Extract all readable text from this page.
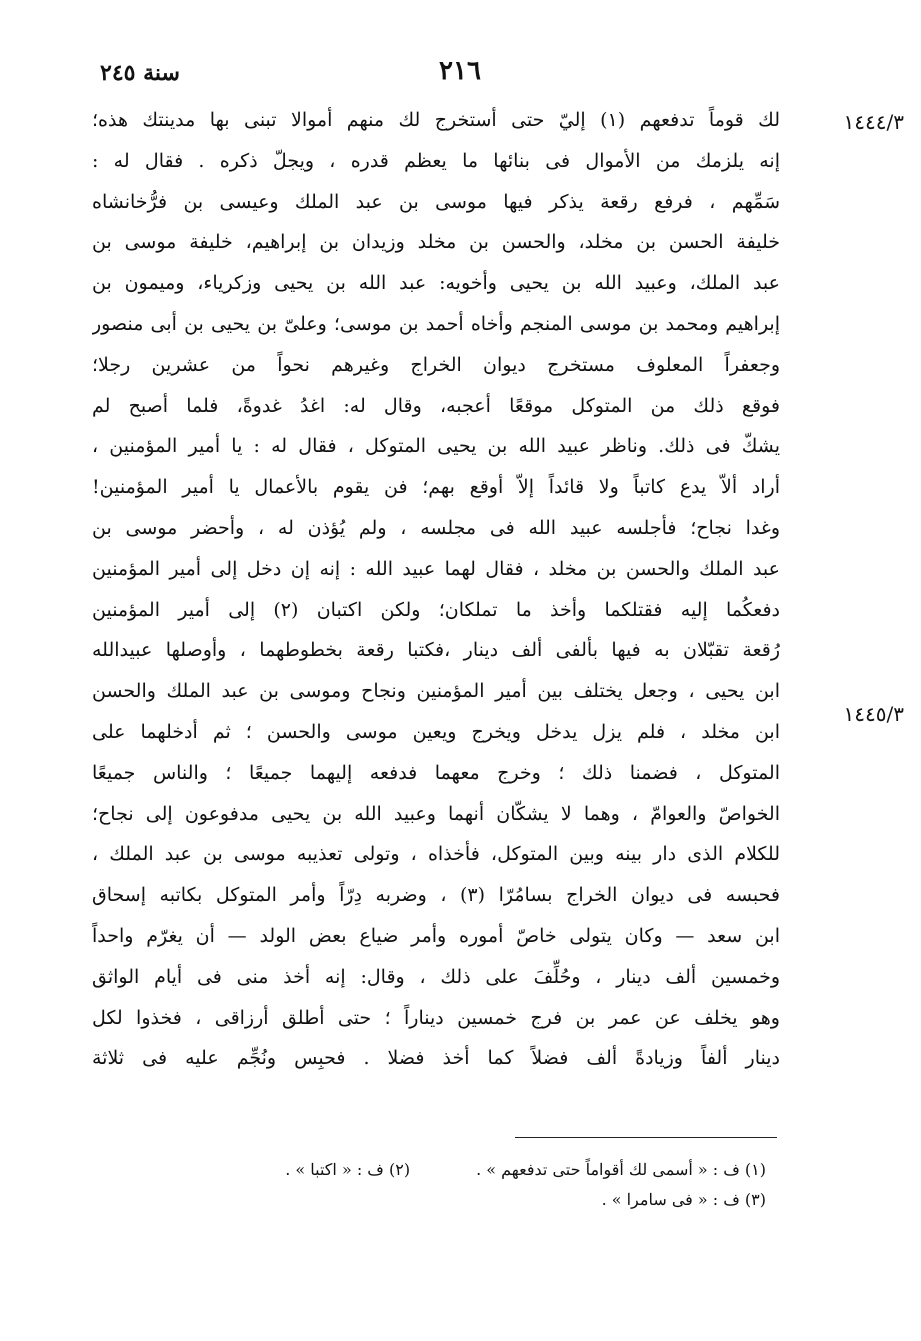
٢١٦
سنة ٢٤٥
١٤٤٤/٣
١٤٤٥/٣
لك قوماً تدفعهم (١) إليّ حتى أستخرج لك منهم أموالا تبنى بها مدينتك هذه؛
إنه يلزمك من الأموال فى بنائها ما يعظم قدره ، ويجلّ ذكره . فقال له :
سَمِّهم ، فرفع رقعة يذكر فيها موسى بن عبد الملك وعيسى بن فرُّخانشاه
خليفة الحسن بن مخلد، والحسن بن مخلد وزيدان بن إبراهيم، خليفة موسى بن
عبد الملك، وعبيد الله بن يحيى وأخويه: عبد الله بن يحيى وزكرياء، وميمون بن
إبراهيم ومحمد بن موسى المنجم وأخاه أحمد بن موسى؛ وعلىّ بن يحيى بن أبى منصور
وجعفراً المعلوف مستخرج ديوان الخراج وغيرهم نحواً من عشرين رجلا؛
فوقع ذلك من المتوكل موقعًا أعجبه، وقال له: اغدُ غدوةً، فلما أصبح لم
يشكّ فى ذلك. وناظر عبيد الله بن يحيى المتوكل ، فقال له : يا أمير المؤمنين ،
أراد ألاّ يدع كاتباً ولا قائداً إلاّ أوقع بهم؛ فن يقوم بالأعمال يا أمير المؤمنين!
وغدا نجاح؛ فأجلسه عبيد الله فى مجلسه ، ولم يُؤذن له ، وأحضر موسى بن
عبد الملك والحسن بن مخلد ، فقال لهما عبيد الله : إنه إن دخل إلى أمير المؤمنين
دفعكُما إليه فقتلكما وأخذ ما تملكان؛ ولكن اكتبان (٢) إلى أمير المؤمنين
رُقعة تقبّلان به فيها بألفى ألف دينار ،فكتبا رقعة بخطوطهما ، وأوصلها عبيدالله
ابن يحيى ، وجعل يختلف بين أمير المؤمنين ونجاح وموسى بن عبد الملك والحسن
ابن مخلد ، فلم يزل يدخل ويخرج ويعين موسى والحسن ؛ ثم أدخلهما على
المتوكل ، فضمنا ذلك ؛ وخرج معهما فدفعه إليهما جميعًا ؛ والناس جميعًا
الخواصّ والعوامّ ، وهما لا يشكّان أنهما وعبيد الله بن يحيى مدفوعون إلى نجاح؛
للكلام الذى دار بينه وبين المتوكل، فأخذاه ، وتولى تعذيبه موسى بن عبد الملك ،
فحبسه فى ديوان الخراج بسامُرّا (٣) ، وضربه دِرّاً وأمر المتوكل بكاتبه إسحاق
ابن سعد — وكان يتولى خاصّ أموره وأمر ضياع بعض الولد — أن يغرّم واحداً
وخمسين ألف دينار ، وحُلِّفَ على ذلك ، وقال: إنه أخذ منى فى أيام الواثق
وهو يخلف عن عمر بن فرج خمسين ديناراً ؛ حتى أطلق أرزاقى ، فخذوا لكل
دينار ألفاً وزيادةً ألف فضلاً كما أخذ فضلا . فحبِس ونُجِّم عليه فى ثلاثة
(١) ف : « أسمى لك أقواماً حتى تدفعهم » .(٢) ف : « اكتبا » .
(٣) ف : « فى سامرا » .
